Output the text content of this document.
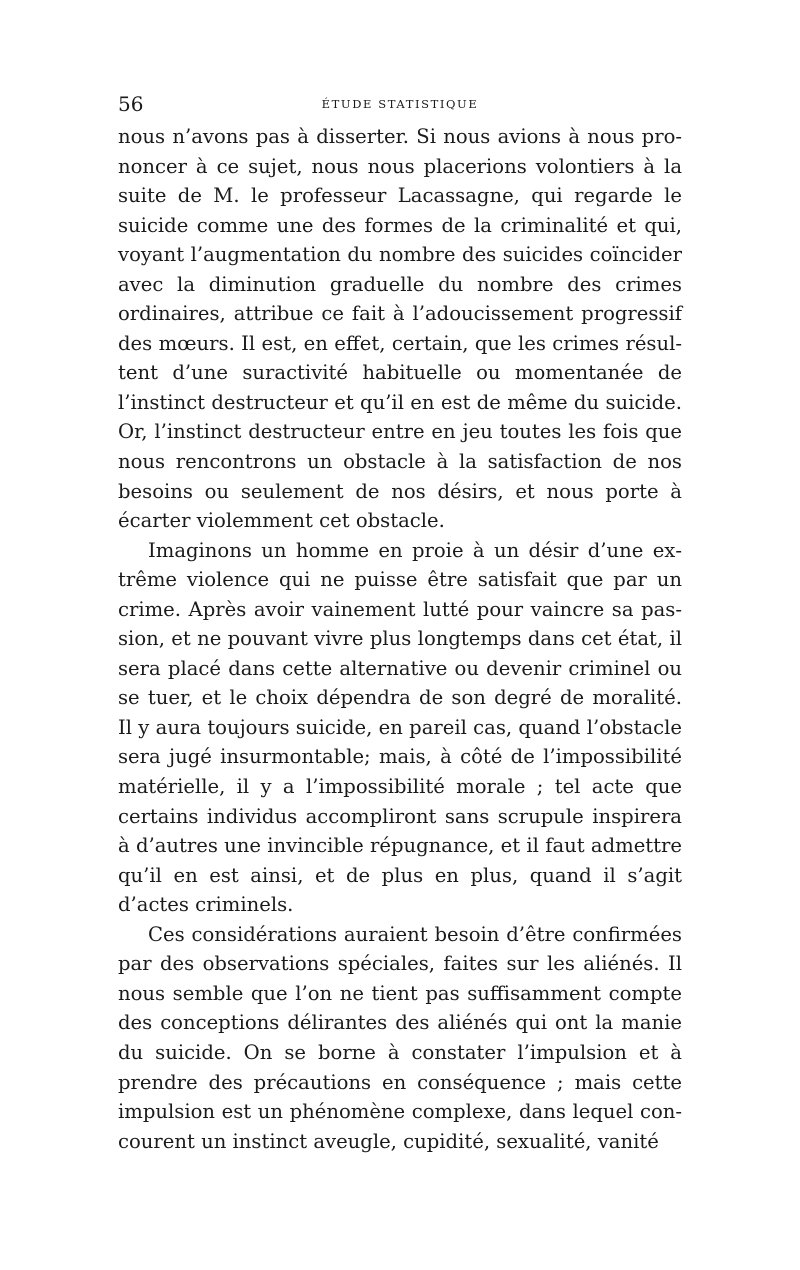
56	ÉTUDE STATISTIQUE

nous n’avons pas à disserter. Si nous avions à nous prononcer à ce sujet, nous nous placerions volontiers à la suite de M. le professeur Lacassagne, qui regarde le suicide comme une des formes de la criminalité et qui, voyant l’augmentation du nombre des suicides coïncider avec la diminution graduelle du nombre des crimes ordinaires, attribue ce fait à l’adoucissement progressif des mœurs. Il est, en effet, certain, que les crimes résultent d’une suractivité habituelle ou momentanée de l’instinct destructeur et qu’il en est de même du suicide. Or, l’instinct destructeur entre en jeu toutes les fois que nous rencontrons un obstacle à la satisfaction de nos besoins ou seulement de nos désirs, et nous porte à écarter violemment cet obstacle.

Imaginons un homme en proie à un désir d’une extrême violence qui ne puisse être satisfait que par un crime. Après avoir vainement lutté pour vaincre sa passion, et ne pouvant vivre plus longtemps dans cet état, il sera placé dans cette alternative ou devenir criminel ou se tuer, et le choix dépendra de son degré de moralité. Il y aura toujours suicide, en pareil cas, quand l’obstacle sera jugé insurmontable; mais, à côté de l’impossibilité matérielle, il y a l’impossibilité morale ; tel acte que certains individus accompliront sans scrupule inspirera à d’autres une invincible répugnance, et il faut admettre qu’il en est ainsi, et de plus en plus, quand il s’agit d’actes criminels.

Ces considérations auraient besoin d’être confirmées par des observations spéciales, faites sur les aliénés. Il nous semble que l’on ne tient pas suffisamment compte des conceptions délirantes des aliénés qui ont la manie du suicide. On se borne à constater l’impulsion et à prendre des précautions en conséquence ; mais cette impulsion est un phénomène complexe, dans lequel concourent un instinct aveugle, cupidité, sexualité, vanité
